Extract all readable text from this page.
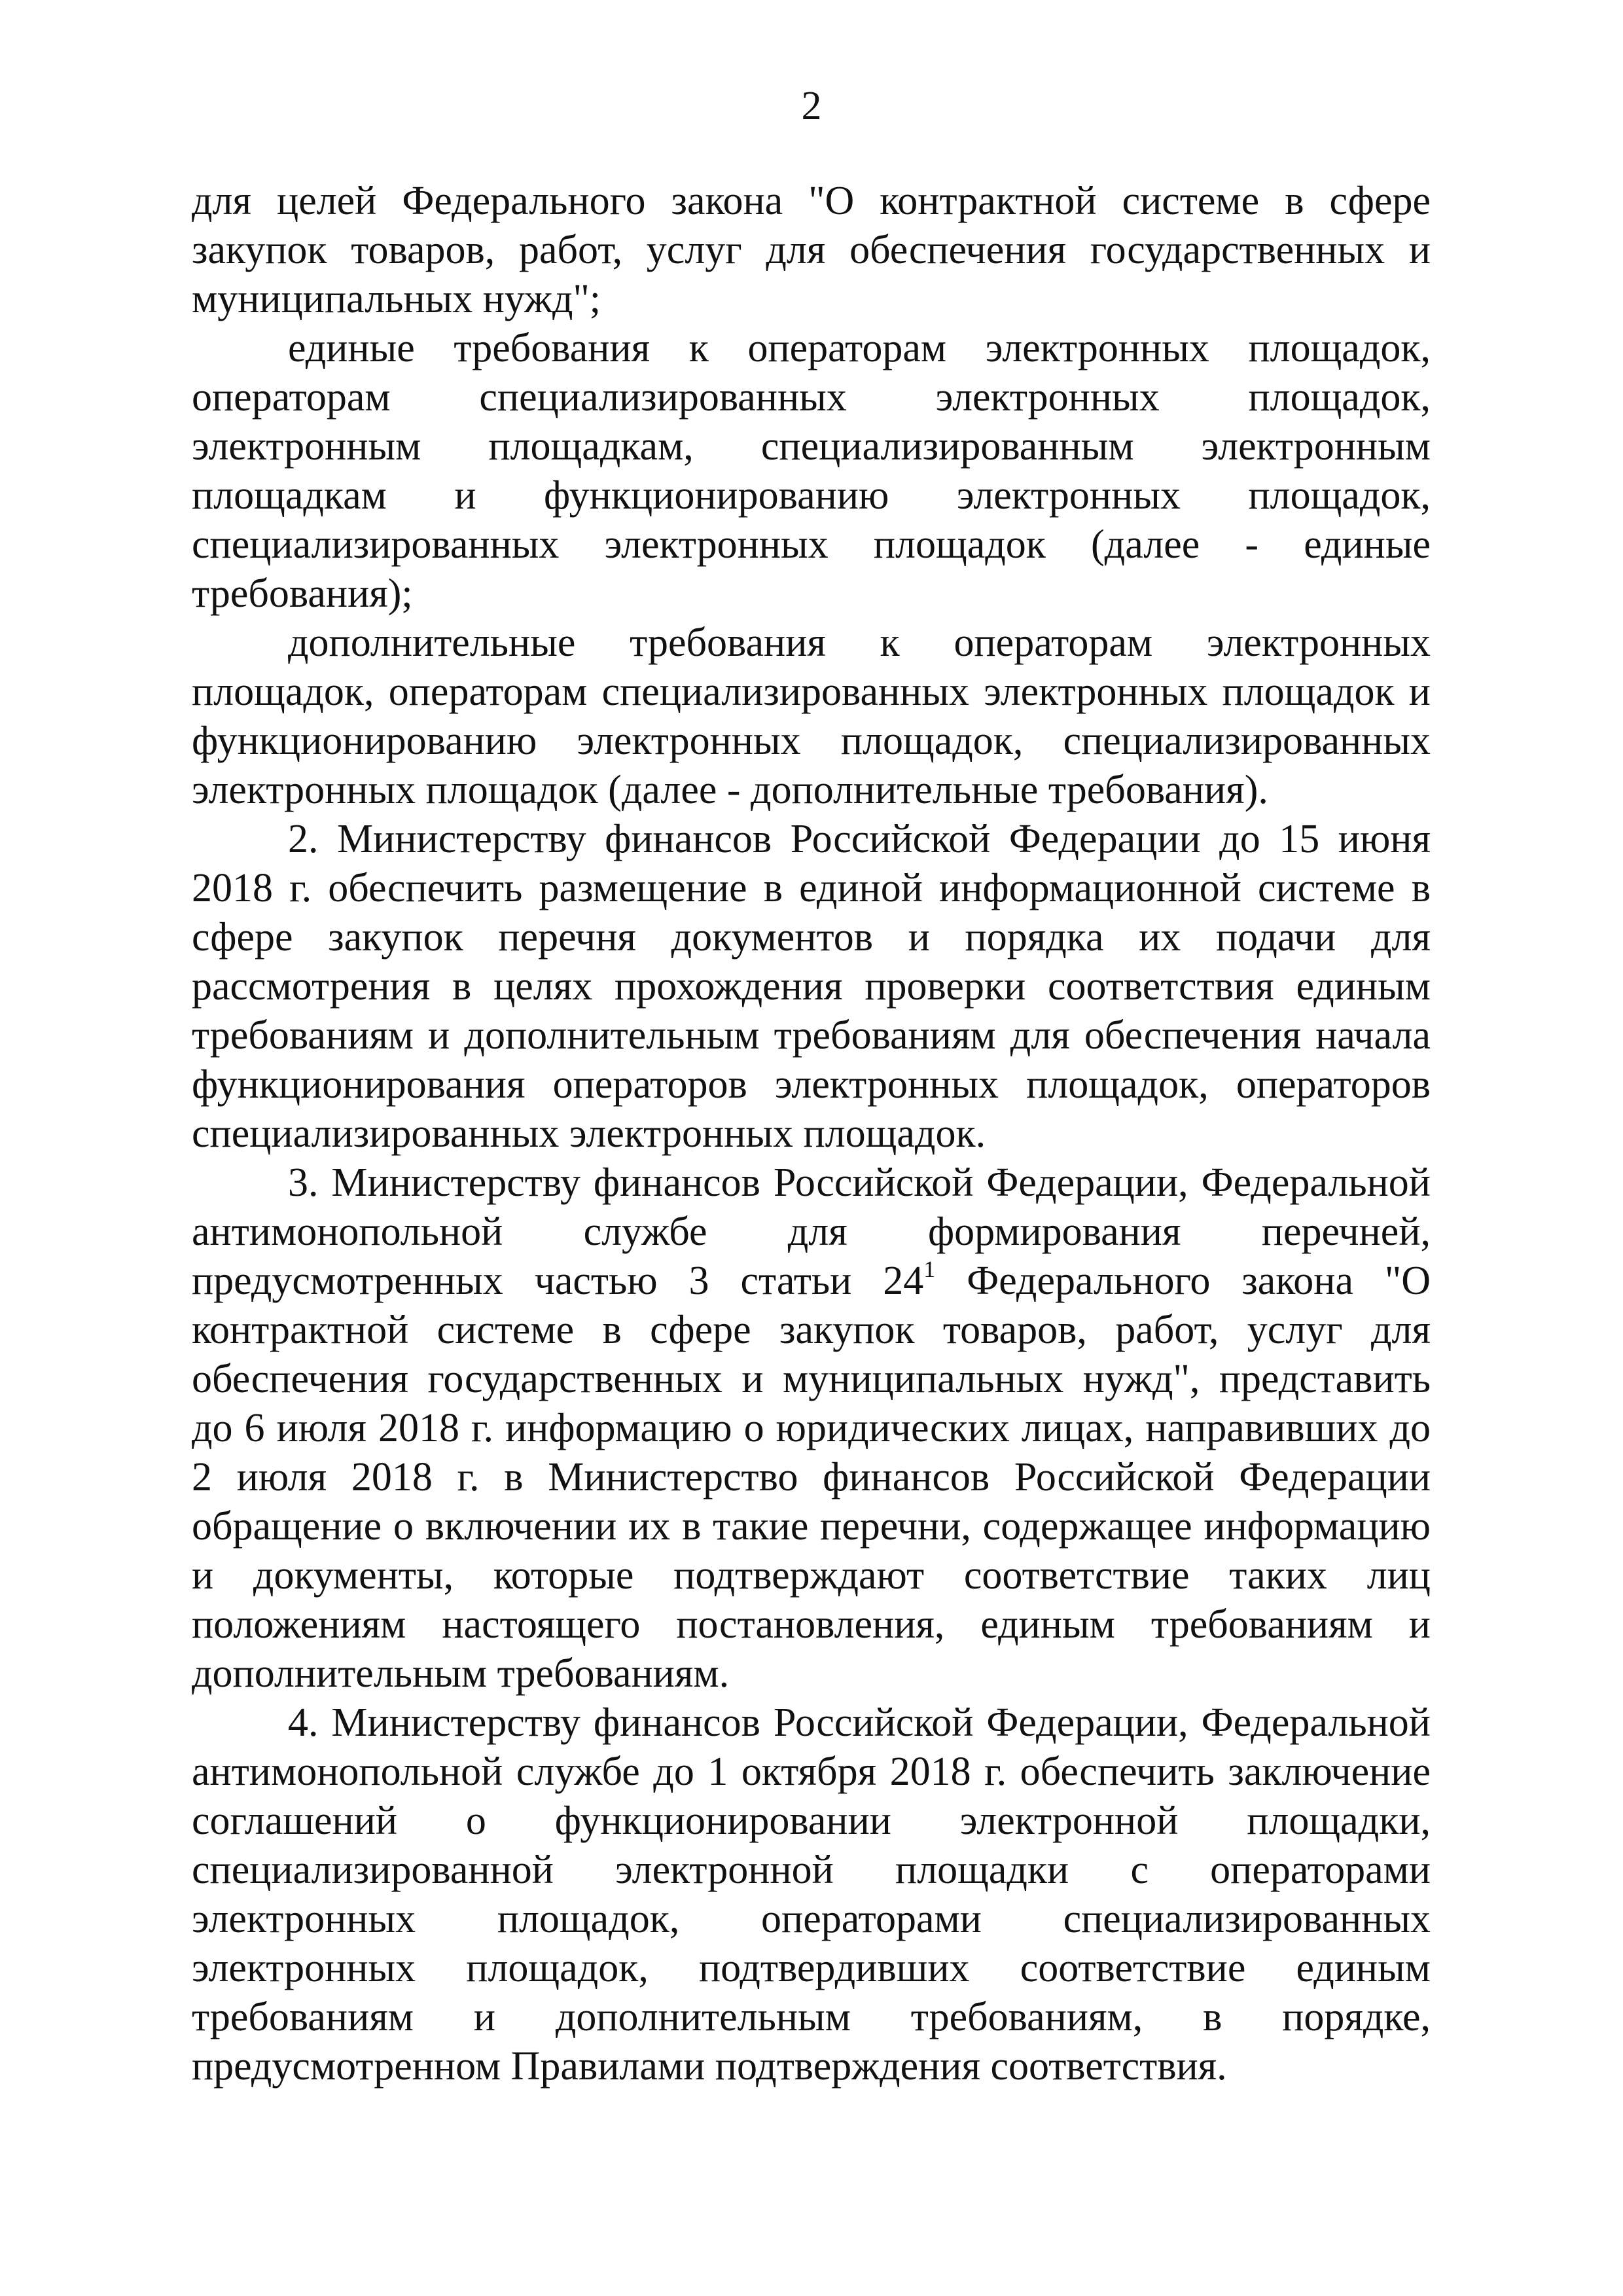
2

для целей Федерального закона "О контрактной системе в сфере закупок товаров, работ, услуг для обеспечения государственных и муниципальных нужд";

единые требования к операторам электронных площадок, операторам специализированных электронных площадок, электронным площадкам, специализированным электронным площадкам и функционированию электронных площадок, специализированных электронных площадок (далее - единые требования);

дополнительные требования к операторам электронных площадок, операторам специализированных электронных площадок и функционированию электронных площадок, специализированных электронных площадок (далее - дополнительные требования).

2. Министерству финансов Российской Федерации до 15 июня 2018 г. обеспечить размещение в единой информационной системе в сфере закупок перечня документов и порядка их подачи для рассмотрения в целях прохождения проверки соответствия единым требованиям и дополнительным требованиям для обеспечения начала функционирования операторов электронных площадок, операторов специализированных электронных площадок.

3. Министерству финансов Российской Федерации, Федеральной антимонопольной службе для формирования перечней, предусмотренных частью 3 статьи $24^1$ Федерального закона "О контрактной системе в сфере закупок товаров, работ, услуг для обеспечения государственных и муниципальных нужд", представить до 6 июля 2018 г. информацию о юридических лицах, направивших до 2 июля 2018 г. в Министерство финансов Российской Федерации обращение о включении их в такие перечни, содержащее информацию и документы, которые подтверждают соответствие таких лиц положениям настоящего постановления, единым требованиям и дополнительным требованиям.

4. Министерству финансов Российской Федерации, Федеральной антимонопольной службе до 1 октября 2018 г. обеспечить заключение соглашений о функционировании электронной площадки, специализированной электронной площадки с операторами электронных площадок, операторами специализированных электронных площадок, подтвердивших соответствие единым требованиям и дополнительным требованиям, в порядке, предусмотренном Правилами подтверждения соответствия.
